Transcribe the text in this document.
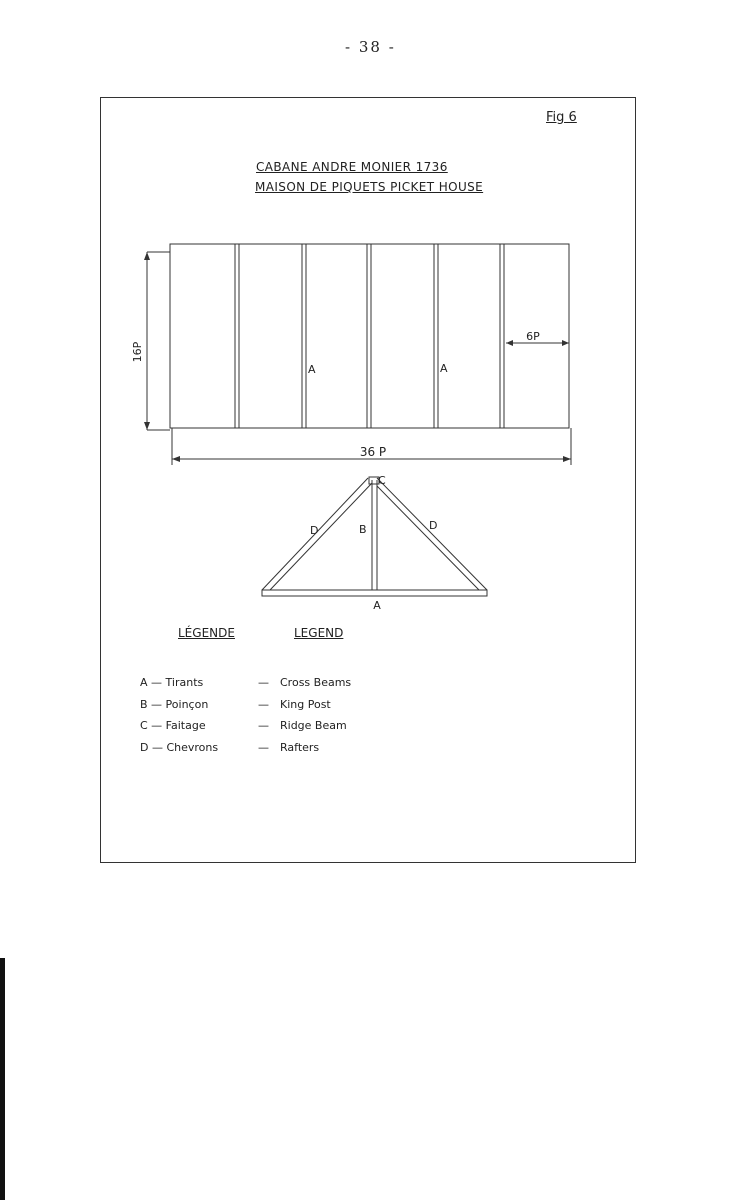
- 38 -
Fig 6
CABANE ANDRE MONIER 1736
MAISON DE PIQUETS PICKET HOUSE
16P
36 P
6P
A	A
A
B
C
D	D
LÉGENDE	LEGEND
A — Tirants	— Cross Beams
B — Poinçon	— King Post
C — Faitage	— Ridge Beam
D — Chevrons	— Rafters
